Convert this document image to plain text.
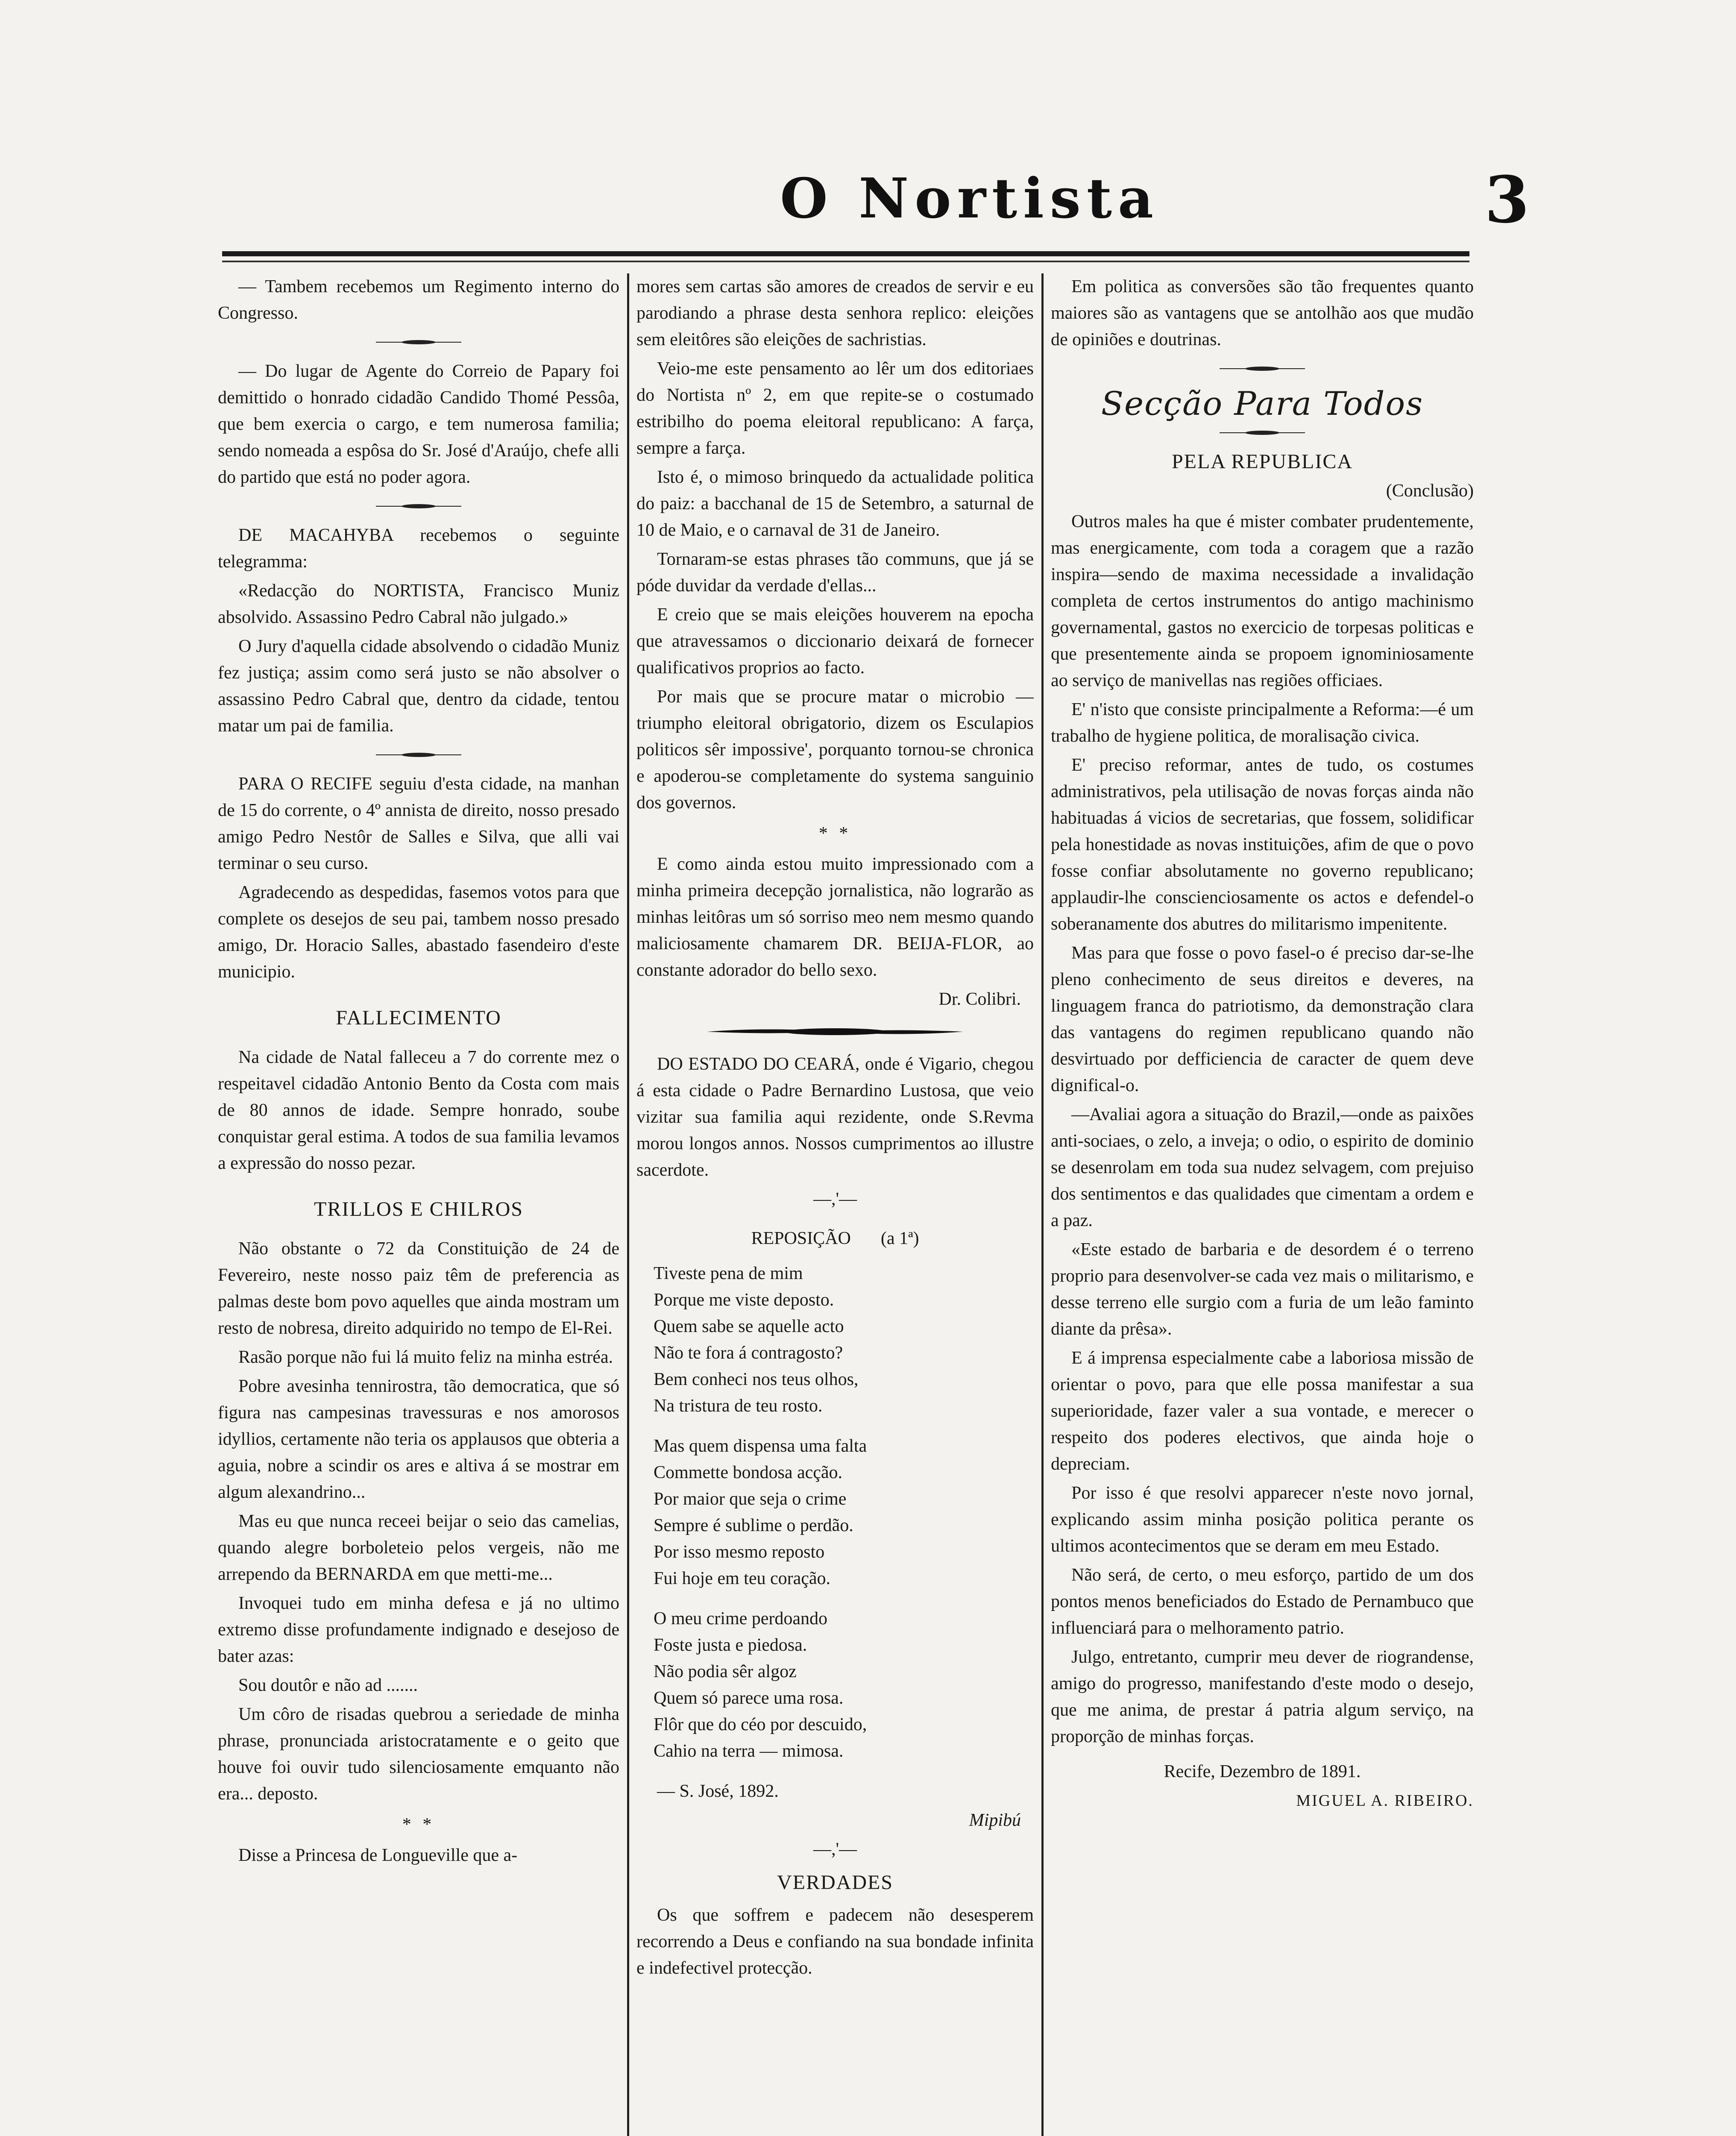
O Nortista	3

— Tambem recebemos um Regimento interno do Congresso.

— Do lugar de Agente do Correio de Papary foi demittido o honrado cidadão Candido Thomé Pessôa, que bem exercia o cargo, e tem numerosa familia; sendo nomeada a espôsa do Sr. José d'Araújo, chefe alli do partido que está no poder agora.

DE MACAHYBA recebemos o seguinte telegramma:

«Redacção do NORTISTA, Francisco Muniz absolvido. Assassino Pedro Cabral não julgado.»

O Jury d'aquella cidade absolvendo o cidadão Muniz fez justiça; assim como será justo se não absolver o assassino Pedro Cabral que, dentro da cidade, tentou matar um pai de familia.

PARA O RECIFE seguiu d'esta cidade, na manhan de 15 do corrente, o 4º annista de direito, nosso presado amigo Pedro Nestôr de Salles e Silva, que alli vai terminar o seu curso.

Agradecendo as despedidas, fasemos votos para que complete os desejos de seu pai, tambem nosso presado amigo, Dr. Horacio Salles, abastado fasendeiro d'este municipio.

FALLECIMENTO

Na cidade de Natal falleceu a 7 do corrente mez o respeitavel cidadão Antonio Bento da Costa com mais de 80 annos de idade. Sempre honrado, soube conquistar geral estima. A todos de sua familia levamos a expressão do nosso pezar.

TRILLOS E CHILROS

Não obstante o 72 da Constituição de 24 de Fevereiro, neste nosso paiz têm de preferencia as palmas deste bom povo aquelles que ainda mostram um resto de nobresa, direito adquirido no tempo de El-Rei.

Rasão porque não fui lá muito feliz na minha estréa.

Pobre avesinha tennirostra, tão democratica, que só figura nas campesinas travessuras e nos amorosos idyllios, certamente não teria os applausos que obteria a aguia, nobre a scindir os ares e altiva á se mostrar em algum alexandrino...

Mas eu que nunca receei beijar o seio das camelias, quando alegre borboleteio pelos vergeis, não me arrependo da BERNARDA em que metti-me...

Invoquei tudo em minha defesa e já no ultimo extremo disse profundamente indignado e desejoso de bater azas:

Sou doutôr e não ad .......

Um côro de risadas quebrou a seriedade de minha phrase, pronunciada aristocratamente e o geito que houve foi ouvir tudo silenciosamente emquanto não era... deposto.

* *

Disse a Princesa de Longueville que a-

mores sem cartas são amores de creados de servir e eu parodiando a phrase desta senhora replico: eleições sem eleitôres são eleições de sachristias.

Veio-me este pensamento ao lêr um dos editoriaes do Nortista nº 2, em que repite-se o costumado estribilho do poema eleitoral republicano: A farça, sempre a farça.

Isto é, o mimoso brinquedo da actualidade politica do paiz: a bacchanal de 15 de Setembro, a saturnal de 10 de Maio, e o carnaval de 31 de Janeiro.

Tornaram-se estas phrases tão communs, que já se póde duvidar da verdade d'ellas...

E creio que se mais eleições houverem na epocha que atravessamos o diccionario deixará de fornecer qualificativos proprios ao facto.

Por mais que se procure matar o microbio — triumpho eleitoral obrigatorio, dizem os Esculapios politicos sêr impossive', porquanto tornou-se chronica e apoderou-se completamente do systema sanguinio dos governos.

* *

E como ainda estou muito impressionado com a minha primeira decepção jornalistica, não lograrão as minhas leitôras um só sorriso meo nem mesmo quando maliciosamente chamarem DR. BEIJA-FLOR, ao constante adorador do bello sexo.

Dr. Colibri.

DO ESTADO DO CEARÁ, onde é Vigario, chegou á esta cidade o Padre Bernardino Lustosa, que veio vizitar sua familia aqui rezidente, onde S.Revma morou longos annos. Nossos cumprimentos ao illustre sacerdote.

—,'—
REPOSIÇÃO (a 1ª)
Tiveste pena de mim
Porque me viste deposto.
Quem sabe se aquelle acto
Não te fora á contragosto?
Bem conheci nos teus olhos,
Na tristura de teu rosto.
Mas quem dispensa uma falta
Commette bondosa acção.
Por maior que seja o crime
Sempre é sublime o perdão.
Por isso mesmo reposto
Fui hoje em teu coração.
O meu crime perdoando
Foste justa e piedosa.
Não podia sêr algoz
Quem só parece uma rosa.
Flôr que do céo por descuido,
Cahio na terra — mimosa.

— S. José, 1892.

Mipibú

—,'—
VERDADES

Os que soffrem e padecem não desesperem recorrendo a Deus e confiando na sua bondade infinita e indefectivel protecção.

Em politica as conversões são tão frequentes quanto maiores são as vantagens que se antolhão aos que mudão de opiniões e doutrinas.

Secção Para Todos
PELA REPUBLICA
(Conclusão)

Outros males ha que é mister combater prudentemente, mas energicamente, com toda a coragem que a razão inspira—sendo de maxima necessidade a invalidação completa de certos instrumentos do antigo machinismo governamental, gastos no exercicio de torpesas politicas e que presentemente ainda se propoem ignominiosamente ao serviço de manivellas nas regiões officiaes.

E' n'isto que consiste principalmente a Reforma:—é um trabalho de hygiene politica, de moralisação civica.

E' preciso reformar, antes de tudo, os costumes administrativos, pela utilisação de novas forças ainda não habituadas á vicios de secretarias, que fossem, solidificar pela honestidade as novas instituições, afim de que o povo fosse confiar absolutamente no governo republicano; applaudir-lhe conscienciosamente os actos e defendel-o soberanamente dos abutres do militarismo impenitente.

Mas para que fosse o povo fasel-o é preciso dar-se-lhe pleno conhecimento de seus direitos e deveres, na linguagem franca do patriotismo, da demonstração clara das vantagens do regimen republicano quando não desvirtuado por defficiencia de caracter de quem deve dignifical-o.

—Avaliai agora a situação do Brazil,—onde as paixões anti-sociaes, o zelo, a inveja; o odio, o espirito de dominio se desenrolam em toda sua nudez selvagem, com prejuiso dos sentimentos e das qualidades que cimentam a ordem e a paz.

«Este estado de barbaria e de desordem é o terreno proprio para desenvolver-se cada vez mais o militarismo, e desse terreno elle surgio com a furia de um leão faminto diante da prêsa».

E á imprensa especialmente cabe a laboriosa missão de orientar o povo, para que elle possa manifestar a sua superioridade, fazer valer a sua vontade, e merecer o respeito dos poderes electivos, que ainda hoje o depreciam.

Por isso é que resolvi apparecer n'este novo jornal, explicando assim minha posição politica perante os ultimos acontecimentos que se deram em meu Estado.

Não será, de certo, o meu esforço, partido de um dos pontos menos beneficiados do Estado de Pernambuco que influenciará para o melhoramento patrio.

Julgo, entretanto, cumprir meu dever de riograndense, amigo do progresso, manifestando d'este modo o desejo, que me anima, de prestar á patria algum serviço, na proporção de minhas forças.

Recife, Dezembro de 1891.

MIGUEL A. RIBEIRO.
